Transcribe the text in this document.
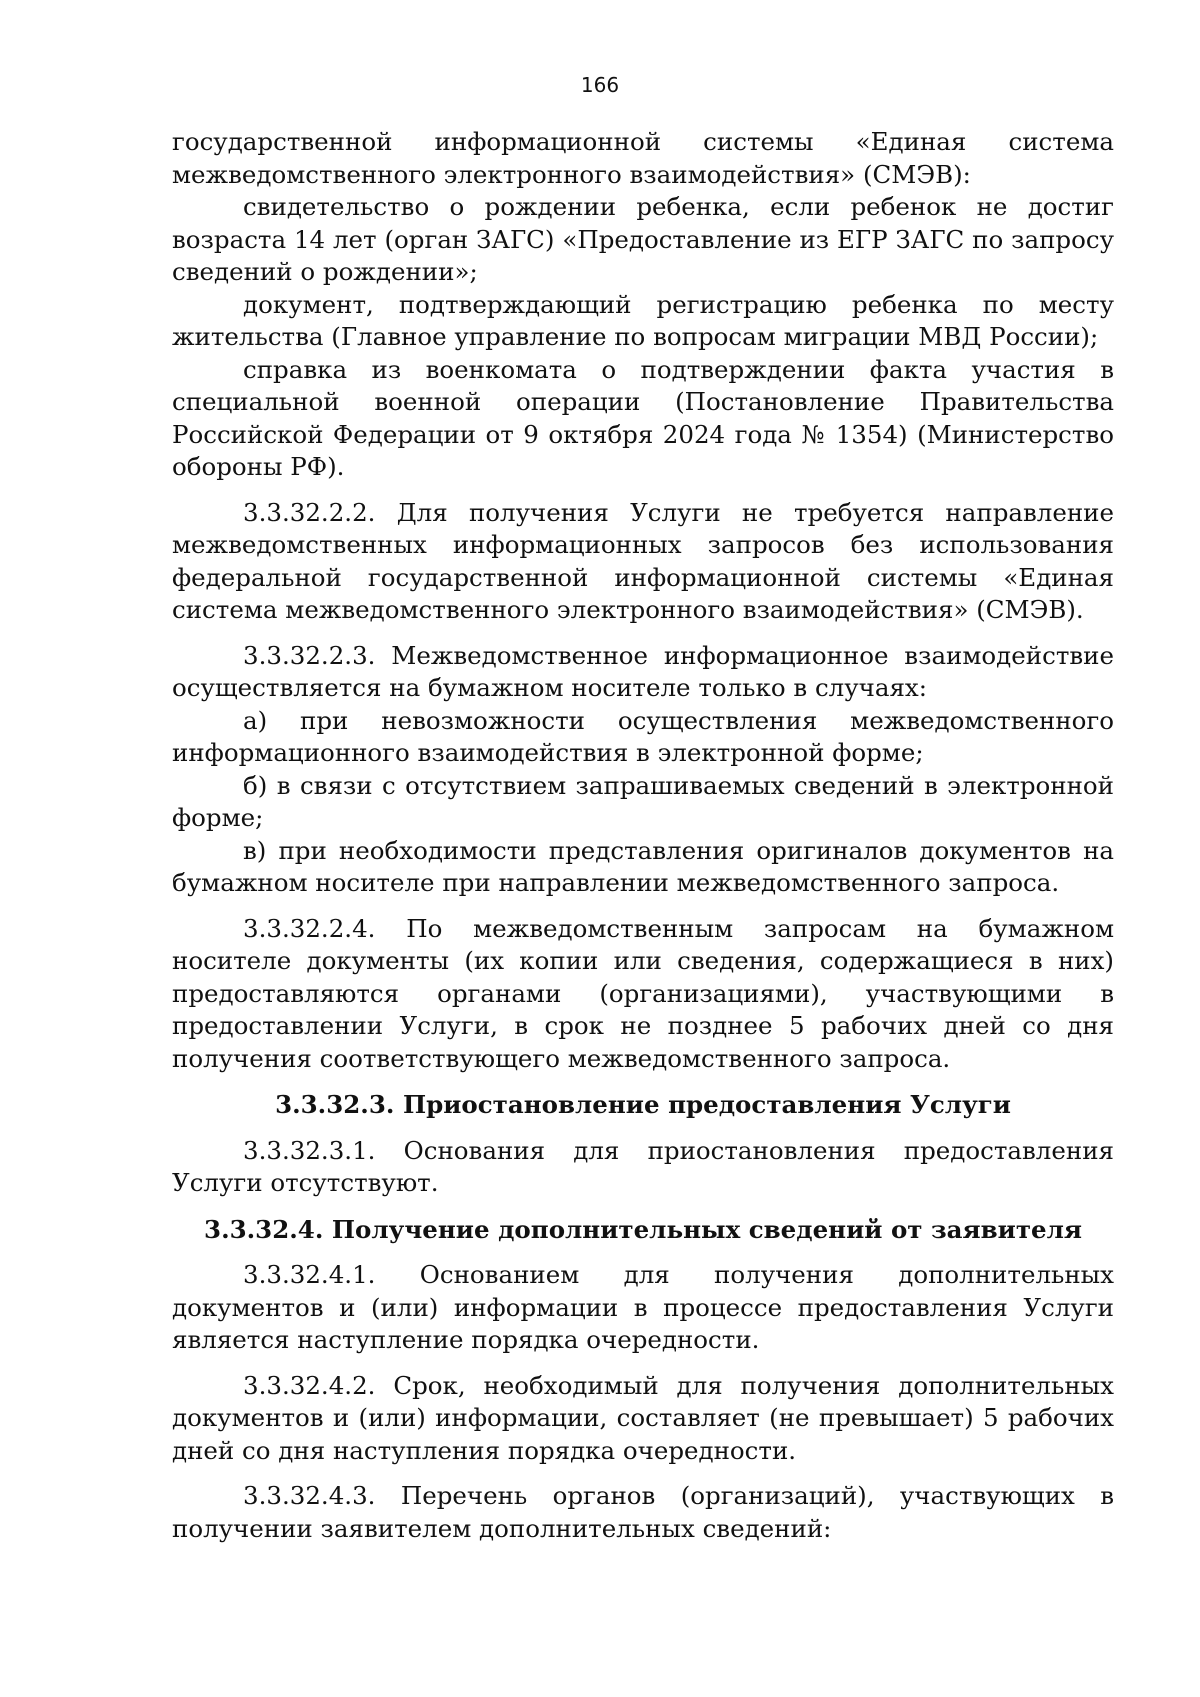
166

государственной информационной системы «Единая система межведомственного электронного взаимодействия» (СМЭВ):

свидетельство о рождении ребенка, если ребенок не достиг возраста 14 лет (орган ЗАГС) «Предоставление из ЕГР ЗАГС по запросу сведений о рождении»;

документ, подтверждающий регистрацию ребенка по месту жительства (Главное управление по вопросам миграции МВД России);

справка из военкомата о подтверждении факта участия в специальной военной операции (Постановление Правительства Российской Федерации от 9 октября 2024 года № 1354) (Министерство обороны РФ).

3.3.32.2.2. Для получения Услуги не требуется направление межведомственных информационных запросов без использования федеральной государственной информационной системы «Единая система межведомственного электронного взаимодействия» (СМЭВ).

3.3.32.2.3. Межведомственное информационное взаимодействие осуществляется на бумажном носителе только в случаях:

а) при невозможности осуществления межведомственного информационного взаимодействия в электронной форме;

б) в связи с отсутствием запрашиваемых сведений в электронной форме;

в) при необходимости представления оригиналов документов на бумажном носителе при направлении межведомственного запроса.

3.3.32.2.4. По межведомственным запросам на бумажном носителе документы (их копии или сведения, содержащиеся в них) предоставляются органами (организациями), участвующими в предоставлении Услуги, в срок не позднее 5 рабочих дней со дня получения соответствующего межведомственного запроса.

3.3.32.3. Приостановление предоставления Услуги

3.3.32.3.1. Основания для приостановления предоставления Услуги отсутствуют.

3.3.32.4. Получение дополнительных сведений от заявителя

3.3.32.4.1. Основанием для получения дополнительных документов и (или) информации в процессе предоставления Услуги является наступление порядка очередности.

3.3.32.4.2. Срок, необходимый для получения дополнительных документов и (или) информации, составляет (не превышает) 5 рабочих дней со дня наступления порядка очередности.

3.3.32.4.3. Перечень органов (организаций), участвующих в получении заявителем дополнительных сведений:
